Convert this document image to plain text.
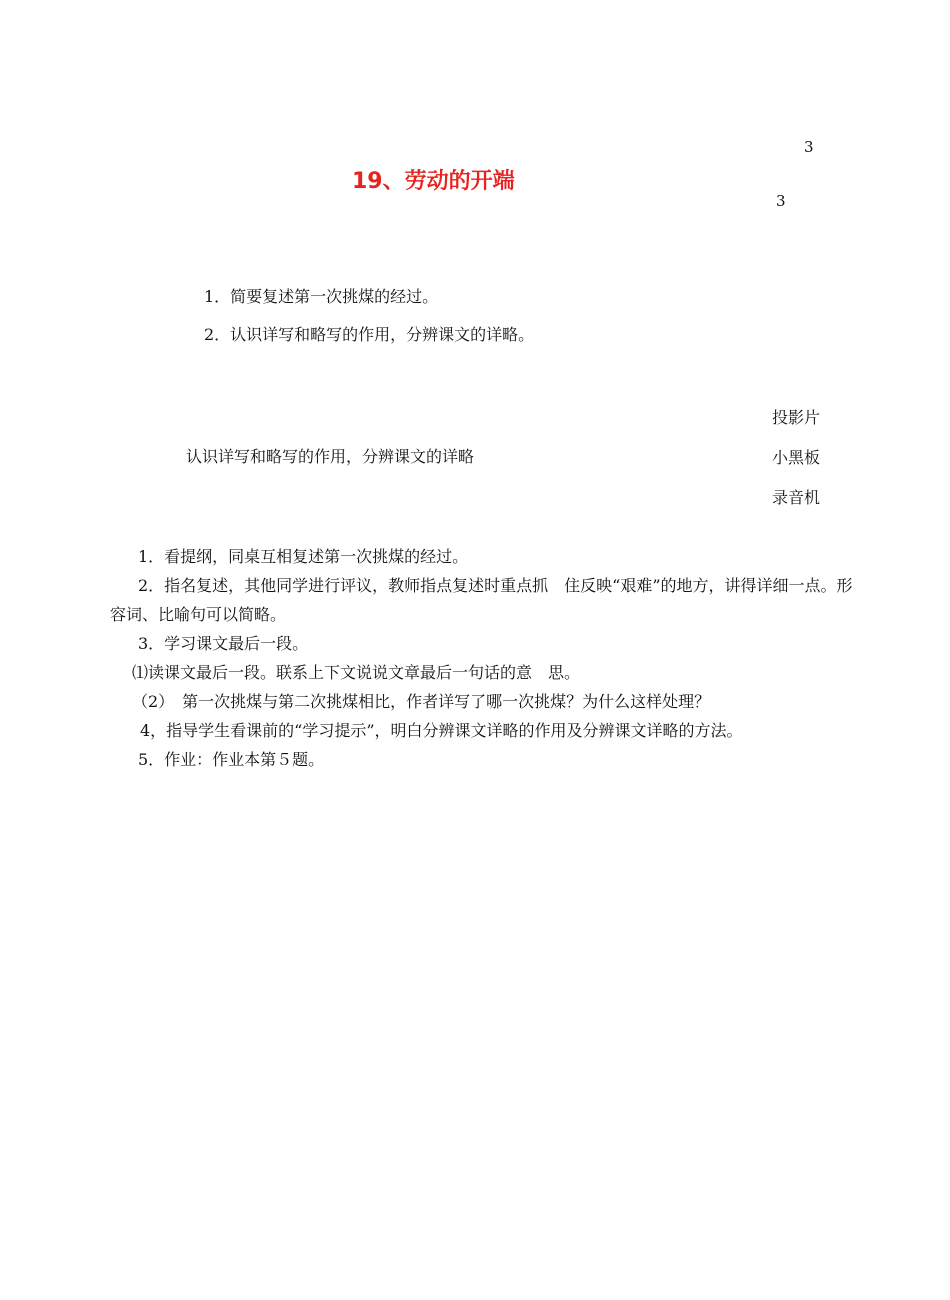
3
19、劳动的开端
3
1．简要复述第一次挑煤的经过。
2．认识详写和略写的作用，分辨课文的详略。
投影片
认识详写和略写的作用，分辨课文的详略	小黑板
录音机

1．看提纲，同桌互相复述第一次挑煤的经过。

2．指名复述，其他同学进行评议，教师指点复述时重点抓　住反映“艰难”的地方，讲得详细一点。形容词、比喻句可以简略。

3．学习课文最后一段。

⑴读课文最后一段。联系上下文说说文章最后一句话的意　思。

（2）　第一次挑煤与第二次挑煤相比，作者详写了哪一次挑煤？为什么这样处理？

4，指导学生看课前的“学习提示”，明白分辨课文详略的作用及分辨课文详略的方法。

5．作业：作业本第５题。
